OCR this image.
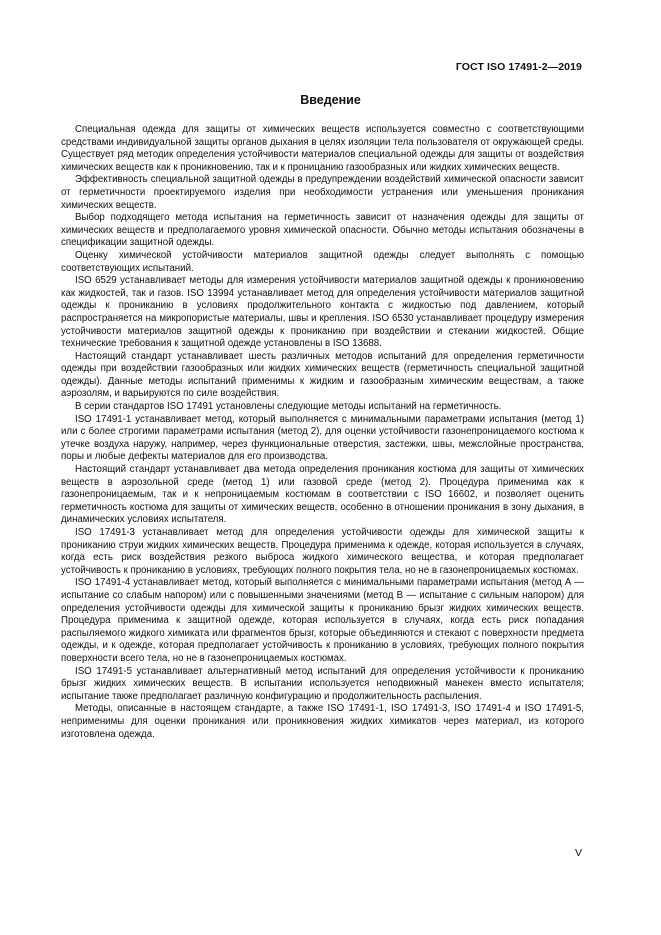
ГОСТ ISO 17491-2—2019
Введение

Специальная одежда для защиты от химических веществ используется совместно с соответствующими средствами индивидуальной защиты органов дыхания в целях изоляции тела пользователя от окружающей среды. Существует ряд методик определения устойчивости материалов специальной одежды для защиты от воздействия химических веществ как к проникновению, так и к проницанию газообразных или жидких химических веществ.

Эффективность специальной защитной одежды в предупреждении воздействий химической опасности зависит от герметичности проектируемого изделия при необходимости устранения или уменьшения проникания химических веществ.

Выбор подходящего метода испытания на герметичность зависит от назначения одежды для защиты от химических веществ и предполагаемого уровня химической опасности. Обычно методы испытания обозначены в спецификации защитной одежды.

Оценку химической устойчивости материалов защитной одежды следует выполнять с помощью соответствующих испытаний.

ISO 6529 устанавливает методы для измерения устойчивости материалов защитной одежды к проникновению как жидкостей, так и газов. ISO 13994 устанавливает метод для определения устойчивости материалов защитной одежды к прониканию в условиях продолжительного контакта с жидкостью под давлением, который распространяется на микропористые материалы, швы и крепления. ISO 6530 устанавливает процедуру измерения устойчивости материалов защитной одежды к прониканию при воздействии и стекании жидкостей. Общие технические требования к защитной одежде установлены в ISO 13688.

Настоящий стандарт устанавливает шесть различных методов испытаний для определения герметичности одежды при воздействии газообразных или жидких химических веществ (герметичность специальной защитной одежды). Данные методы испытаний применимы к жидким и газообразным химическим веществам, а также аэрозолям, и варьируются по силе воздействия.

В серии стандартов ISO 17491 установлены следующие методы испытаний на герметичность.

ISO 17491-1 устанавливает метод, который выполняется с минимальными параметрами испытания (метод 1) или с более строгими параметрами испытания (метод 2), для оценки устойчивости газонепроницаемого костюма к утечке воздуха наружу, например, через функциональные отверстия, застежки, швы, межслойные пространства, поры и любые дефекты материалов для его производства.

Настоящий стандарт устанавливает два метода определения проникания костюма для защиты от химических веществ в аэрозольной среде (метод 1) или газовой среде (метод 2). Процедура применима как к газонепроницаемым, так и к непроницаемым костюмам в соответствии с ISO 16602, и позволяет оценить герметичность костюма для защиты от химических веществ, особенно в отношении проникания в зону дыхания, в динамических условиях испытателя.

ISO 17491-3 устанавливает метод для определения устойчивости одежды для химической защиты к прониканию струи жидких химических веществ. Процедура применима к одежде, которая используется в случаях, когда есть риск воздействия резкого выброса жидкого химического вещества, и которая предполагает устойчивость к прониканию в условиях, требующих полного покрытия тела, но не в газонепроницаемых костюмах.

ISO 17491-4 устанавливает метод, который выполняется с минимальными параметрами испытания (метод А — испытание со слабым напором) или с повышенными значениями (метод В — испытание с сильным напором) для определения устойчивости одежды для химической защиты к прониканию брызг жидких химических веществ. Процедура применима к защитной одежде, которая используется в случаях, когда есть риск попадания распыляемого жидкого химиката или фрагментов брызг, которые объединяются и стекают с поверхности предмета одежды, и к одежде, которая предполагает устойчивость к прониканию в условиях, требующих полного покрытия поверхности всего тела, но не в газонепроницаемых костюмах.

ISO 17491-5 устанавливает альтернативный метод испытаний для определения устойчивости к прониканию брызг жидких химических веществ. В испытании используется неподвижный манекен вместо испытателя; испытание также предполагает различную конфигурацию и продолжительность распыления.

Методы, описанные в настоящем стандарте, а также ISO 17491-1, ISO 17491-3, ISO 17491-4 и ISO 17491-5, неприменимы для оценки проникания или проникновения жидких химикатов через материал, из которого изготовлена одежда.

V
